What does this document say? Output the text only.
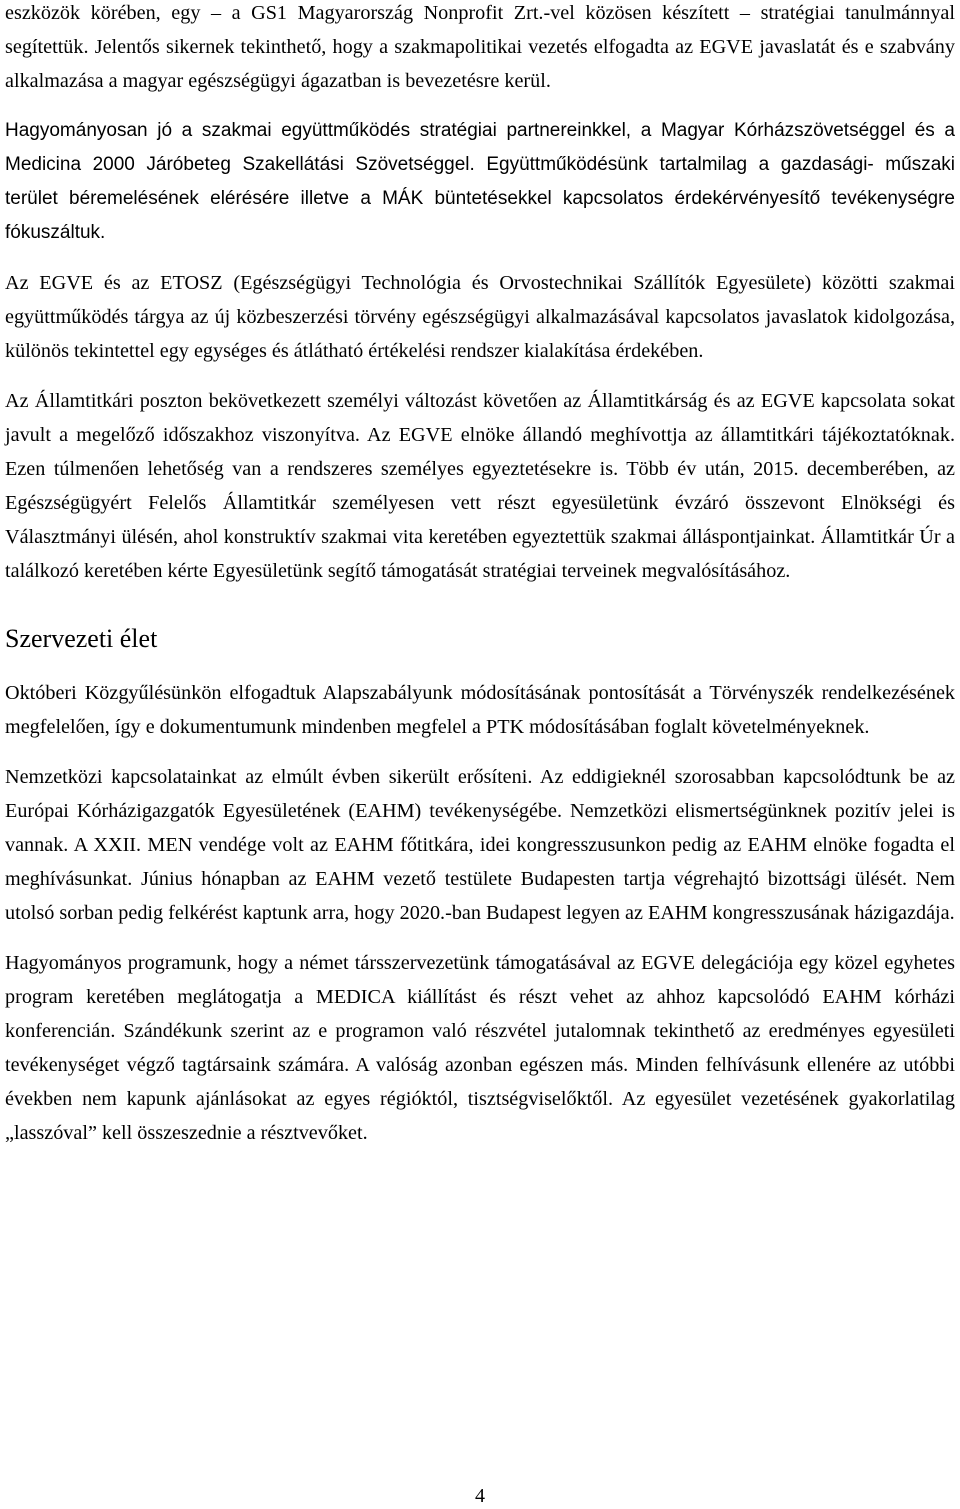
eszközök körében, egy – a GS1 Magyarország Nonprofit Zrt.-vel közösen készített – stratégiai tanulmánnyal segítettük. Jelentős sikernek tekinthető, hogy a szakmapolitikai vezetés elfogadta az EGVE javaslatát és e szabvány alkalmazása a magyar egészségügyi ágazatban is bevezetésre kerül.

Hagyományosan jó a szakmai együttműködés stratégiai partnereinkkel, a Magyar Kórházszövetséggel és a Medicina 2000 Járóbeteg Szakellátási Szövetséggel. Együttműködésünk tartalmilag a gazdasági- műszaki terület béremelésének elérésére illetve a MÁK büntetésekkel kapcsolatos érdekérvényesítő tevékenységre fókuszáltuk.

Az EGVE és az ETOSZ (Egészségügyi Technológia és Orvostechnikai Szállítók Egyesülete) közötti szakmai együttműködés tárgya az új közbeszerzési törvény egészségügyi alkalmazásával kapcsolatos javaslatok kidolgozása, különös tekintettel egy egységes és átlátható értékelési rendszer kialakítása érdekében.

Az Államtitkári poszton bekövetkezett személyi változást követően az Államtitkárság és az EGVE kapcsolata sokat javult a megelőző időszakhoz viszonyítva. Az EGVE elnöke állandó meghívottja az államtitkári tájékoztatóknak. Ezen túlmenően lehetőség van a rendszeres személyes egyeztetésekre is. Több év után, 2015. decemberében, az Egészségügyért Felelős Államtitkár személyesen vett részt egyesületünk évzáró összevont Elnökségi és Választmányi ülésén, ahol konstruktív szakmai vita keretében egyeztettük szakmai álláspontjainkat. Államtitkár Úr a találkozó keretében kérte Egyesületünk segítő támogatását stratégiai terveinek megvalósításához.

Szervezeti élet

Októberi Közgyűlésünkön elfogadtuk Alapszabályunk módosításának pontosítását a Törvényszék rendelkezésének megfelelően, így e dokumentumunk mindenben megfelel a PTK módosításában foglalt követelményeknek.

Nemzetközi kapcsolatainkat az elmúlt évben sikerült erősíteni. Az eddigieknél szorosabban kapcsolódtunk be az Európai Kórházigazgatók Egyesületének (EAHM) tevékenységébe. Nemzetközi elismertségünknek pozitív jelei is vannak. A XXII. MEN vendége volt az EAHM főtitkára, idei kongresszusunkon pedig az EAHM elnöke fogadta el meghívásunkat. Június hónapban az EAHM vezető testülete Budapesten tartja végrehajtó bizottsági ülését. Nem utolsó sorban pedig felkérést kaptunk arra, hogy 2020.-ban Budapest legyen az EAHM kongresszusának házigazdája.

Hagyományos programunk, hogy a német társszervezetünk támogatásával az EGVE delegációja egy közel egyhetes program keretében meglátogatja a MEDICA kiállítást és részt vehet az ahhoz kapcsolódó EAHM kórházi konferencián. Szándékunk szerint az e programon való részvétel jutalomnak tekinthető az eredményes egyesületi tevékenységet végző tagtársaink számára. A valóság azonban egészen más. Minden felhívásunk ellenére az utóbbi években nem kapunk ajánlásokat az egyes régióktól, tisztségviselőktől. Az egyesület vezetésének gyakorlatilag „lasszóval” kell összeszednie a résztvevőket.

4
